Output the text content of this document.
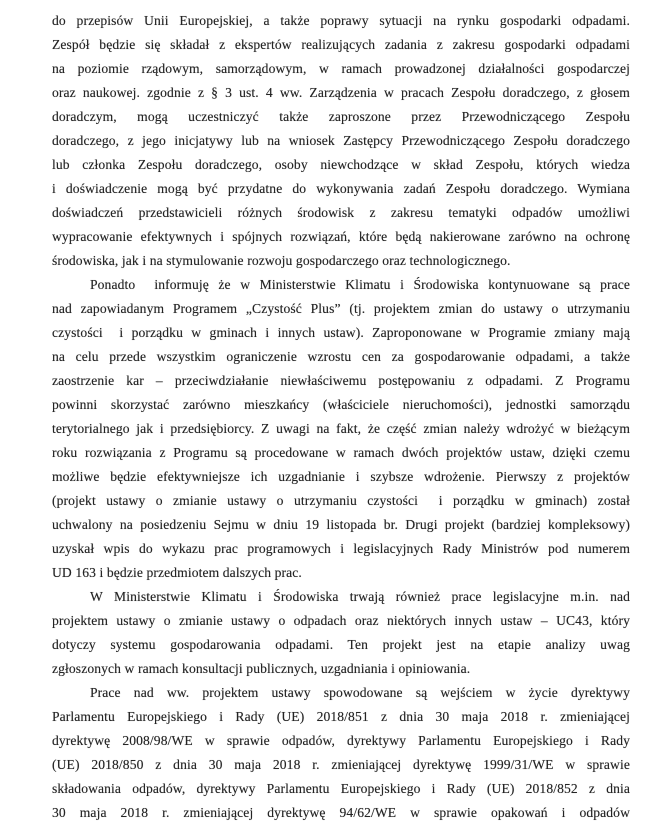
do przepisów Unii Europejskiej, a także poprawy sytuacji na rynku gospodarki odpadami.
Zespół będzie się składał z ekspertów realizujących zadania z zakresu gospodarki odpadami
na poziomie rządowym, samorządowym, w ramach prowadzonej działalności gospodarczej
oraz naukowej. zgodnie z § 3 ust. 4 ww. Zarządzenia w pracach Zespołu doradczego, z głosem
doradczym, mogą uczestniczyć także zaproszone przez Przewodniczącego Zespołu
doradczego, z jego inicjatywy lub na wniosek Zastępcy Przewodniczącego Zespołu doradczego
lub członka Zespołu doradczego, osoby niewchodzące w skład Zespołu, których wiedza
i doświadczenie mogą być przydatne do wykonywania zadań Zespołu doradczego. Wymiana
doświadczeń przedstawicieli różnych środowisk z zakresu tematyki odpadów umożliwi
wypracowanie efektywnych i spójnych rozwiązań, które będą nakierowane zarówno na ochronę
środowiska, jak i na stymulowanie rozwoju gospodarczego oraz technologicznego.
Ponadto  informuję że w Ministerstwie Klimatu i Środowiska kontynuowane są prace
nad zapowiadanym Programem „Czystość Plus” (tj. projektem zmian do ustawy o utrzymaniu
czystości  i porządku w gminach i innych ustaw). Zaproponowane w Programie zmiany mają
na celu przede wszystkim ograniczenie wzrostu cen za gospodarowanie odpadami, a także
zaostrzenie kar – przeciwdziałanie niewłaściwemu postępowaniu z odpadami. Z Programu
powinni skorzystać zarówno mieszkańcy (właściciele nieruchomości), jednostki samorządu
terytorialnego jak i przedsiębiorcy. Z uwagi na fakt, że część zmian należy wdrożyć w bieżącym
roku rozwiązania z Programu są procedowane w ramach dwóch projektów ustaw, dzięki czemu
możliwe będzie efektywniejsze ich uzgadnianie i szybsze wdrożenie. Pierwszy z projektów
(projekt ustawy o zmianie ustawy o utrzymaniu czystości  i porządku w gminach) został
uchwalony na posiedzeniu Sejmu w dniu 19 listopada br. Drugi projekt (bardziej kompleksowy)
uzyskał wpis do wykazu prac programowych i legislacyjnych Rady Ministrów pod numerem
UD 163 i będzie przedmiotem dalszych prac.
W Ministerstwie Klimatu i Środowiska trwają również prace legislacyjne m.in. nad
projektem ustawy o zmianie ustawy o odpadach oraz niektórych innych ustaw – UC43, który
dotyczy systemu gospodarowania odpadami. Ten projekt jest na etapie analizy uwag
zgłoszonych w ramach konsultacji publicznych, uzgadniania i opiniowania.
Prace nad ww. projektem ustawy spowodowane są wejściem w życie dyrektywy
Parlamentu Europejskiego i Rady (UE) 2018/851 z dnia 30 maja 2018 r. zmieniającej
dyrektywę 2008/98/WE w sprawie odpadów, dyrektywy Parlamentu Europejskiego i Rady
(UE) 2018/850 z dnia 30 maja 2018 r. zmieniającej dyrektywę 1999/31/WE w sprawie
składowania odpadów, dyrektywy Parlamentu Europejskiego i Rady (UE) 2018/852 z dnia
30 maja 2018 r. zmieniającej dyrektywę 94/62/WE w sprawie opakowań i odpadów
